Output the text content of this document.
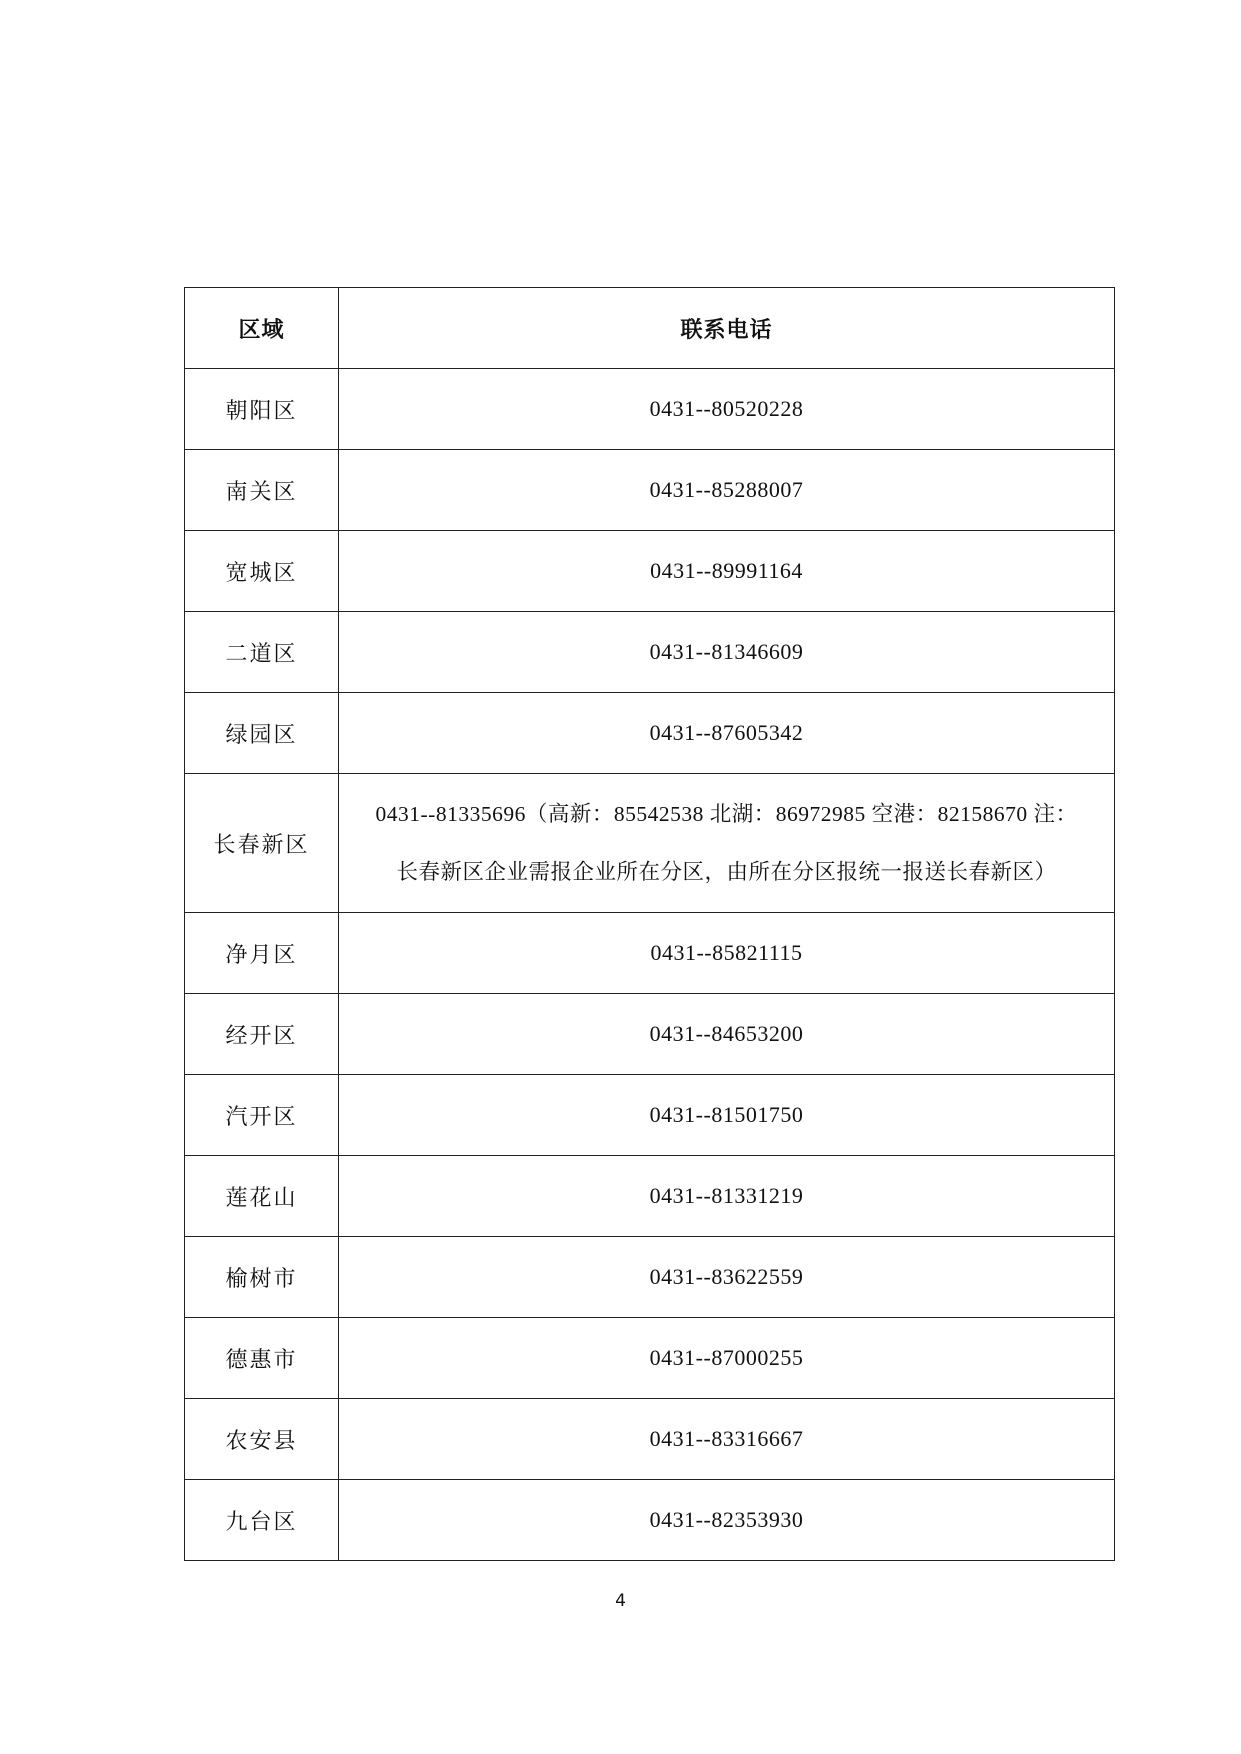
区域	联系电话
朝阳区	0431--80520228
南关区	0431--85288007
宽城区	0431--89991164
二道区	0431--81346609
绿园区	0431--87605342
长春新区	0431--81335696（高新：85542538 北湖：86972985 空港：82158670 注：
长春新区企业需报企业所在分区，由所在分区报统一报送长春新区）

净月区	0431--85821115
经开区	0431--84653200
汽开区	0431--81501750
莲花山	0431--81331219
榆树市	0431--83622559
德惠市	0431--87000255
农安县	0431--83316667
九台区	0431--82353930
4
